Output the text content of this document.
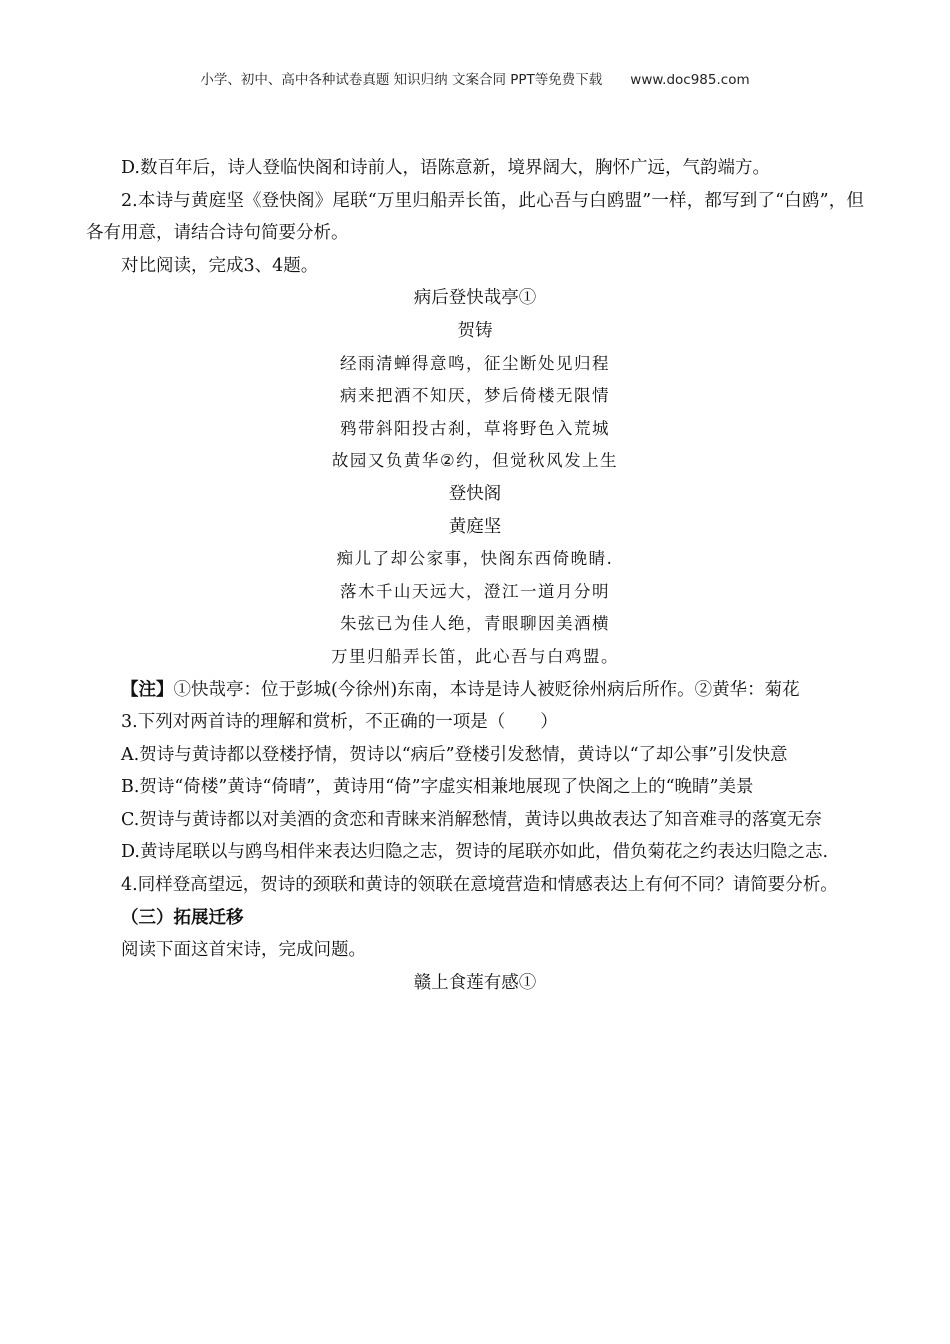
小学、初中、高中各种试卷真题 知识归纳 文案合同 PPT等免费下载 www.doc985.com

D.数百年后，诗人登临快阁和诗前人，语陈意新，境界阔大，胸怀广远，气韵端方。

2.本诗与黄庭坚《登快阁》尾联“万里归船弄长笛，此心吾与白鸥盟”一样，都写到了“白鸥”，但各有用意，请结合诗句简要分析。

对比阅读，完成3、4题。

病后登快哉亭①

贺铸

经雨清蝉得意鸣，征尘断处见归程

病来把酒不知厌，梦后倚楼无限情

鸦带斜阳投古刹，草将野色入荒城

故园又负黄华②约，但觉秋风发上生

登快阁

黄庭坚

痴儿了却公家事，快阁东西倚晚睛.

落木千山天远大，澄江一道月分明

朱弦已为佳人绝，青眼聊因美酒横

万里归船弄长笛，此心吾与白鸡盟。

【注】①快哉亭：位于彭城(今徐州)东南，本诗是诗人被贬徐州病后所作。②黄华：菊花

3.下列对两首诗的理解和赏析，不正确的一项是（　　）

A.贺诗与黄诗都以登楼抒情，贺诗以“病后”登楼引发愁情，黄诗以“了却公事”引发快意

B.贺诗“倚楼”黄诗“倚晴”，黄诗用“倚”字虚实相兼地展现了快阁之上的“晚睛”美景

C.贺诗与黄诗都以对美酒的贪恋和青睐来消解愁情，黄诗以典故表达了知音难寻的落寞无奈

D.黄诗尾联以与鸥鸟相伴来表达归隐之志，贺诗的尾联亦如此，借负菊花之约表达归隐之志.

4.同样登高望远，贺诗的颈联和黄诗的领联在意境营造和情感表达上有何不同？请简要分析。

（三）拓展迁移

阅读下面这首宋诗，完成问题。

赣上食莲有感①
